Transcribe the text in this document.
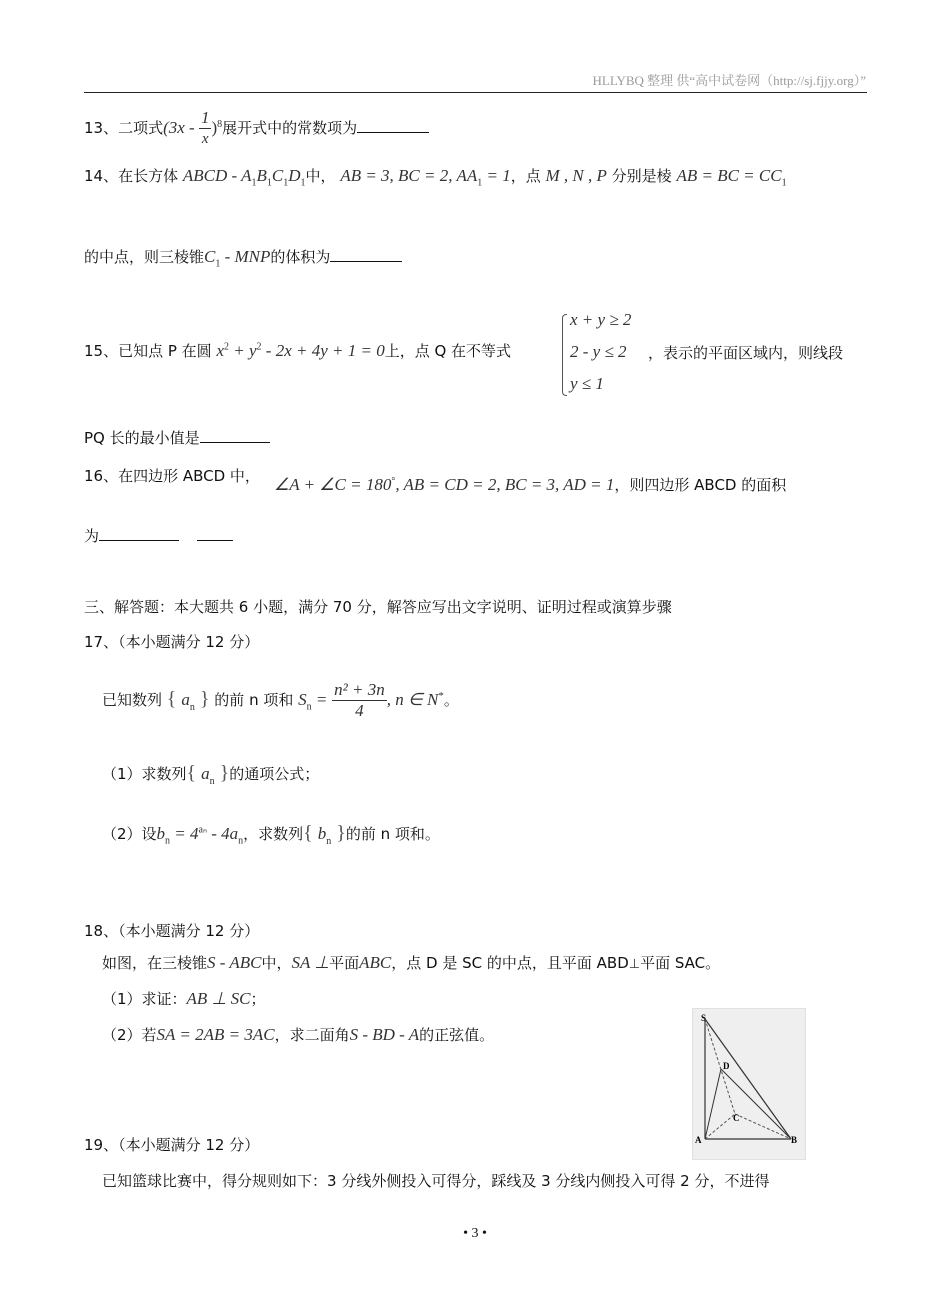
HLLYBQ 整理 供“高中试卷网（http://sj.fjjy.org）”
13、二项式$(3x - \frac{1}{x} )^8$展开式中的常数项为
14、在长方体 ABCD - $A_1B_1C_1D_1$中， AB = 3, BC = 2, $AA_1 = 1$，点 M , N , P 分别是棱 AB = BC = $CC_1$
的中点，则三棱锥$C_1$ - MNP的体积为
15、已知点 P 在圆 $x^2 + y^2 - 2x + 4y + 1 = 0$上，点 Q 在不等式
x + y ≥ 2
2 - y ≤ 2
y ≤ 1
，表示的平面区域内，则线段
PQ 长的最小值是
16、在四边形 ABCD 中， ∠A + ∠C = 180°, AB = CD = 2, BC = 3, AD = 1，则四边形 ABCD 的面积
为
三、解答题：本大题共 6 小题，满分 70 分，解答应写出文字说明、证明过程或演算步骤
17、（本小题满分 12 分）
已知数列 { $a_n$ } 的前 n 项和 $S_n = \frac{\text{n² + 3n}}{4}$ , n ∈ N*。
（1）求数列{ $a_n$ }的通项公式；
（2）设$b_n = 4^{a_n} - 4a_n$，求数列{ $b_n$ }的前 n 项和。
18、（本小题满分 12 分）
如图，在三棱锥S - ABC中，SA ⊥平面ABC，点 D 是 SC 的中点，且平面 ABD⊥平面 SAC。
（1）求证：AB ⊥ SC；
（2）若SA = 2AB = 3AC，求二面角S - BD - A的正弦值。
S
D
C
A	B
19、（本小题满分 12 分）
已知篮球比赛中，得分规则如下：3 分线外侧投入可得分，踩线及 3 分线内侧投入可得 2 分，不进得
• 3 •
